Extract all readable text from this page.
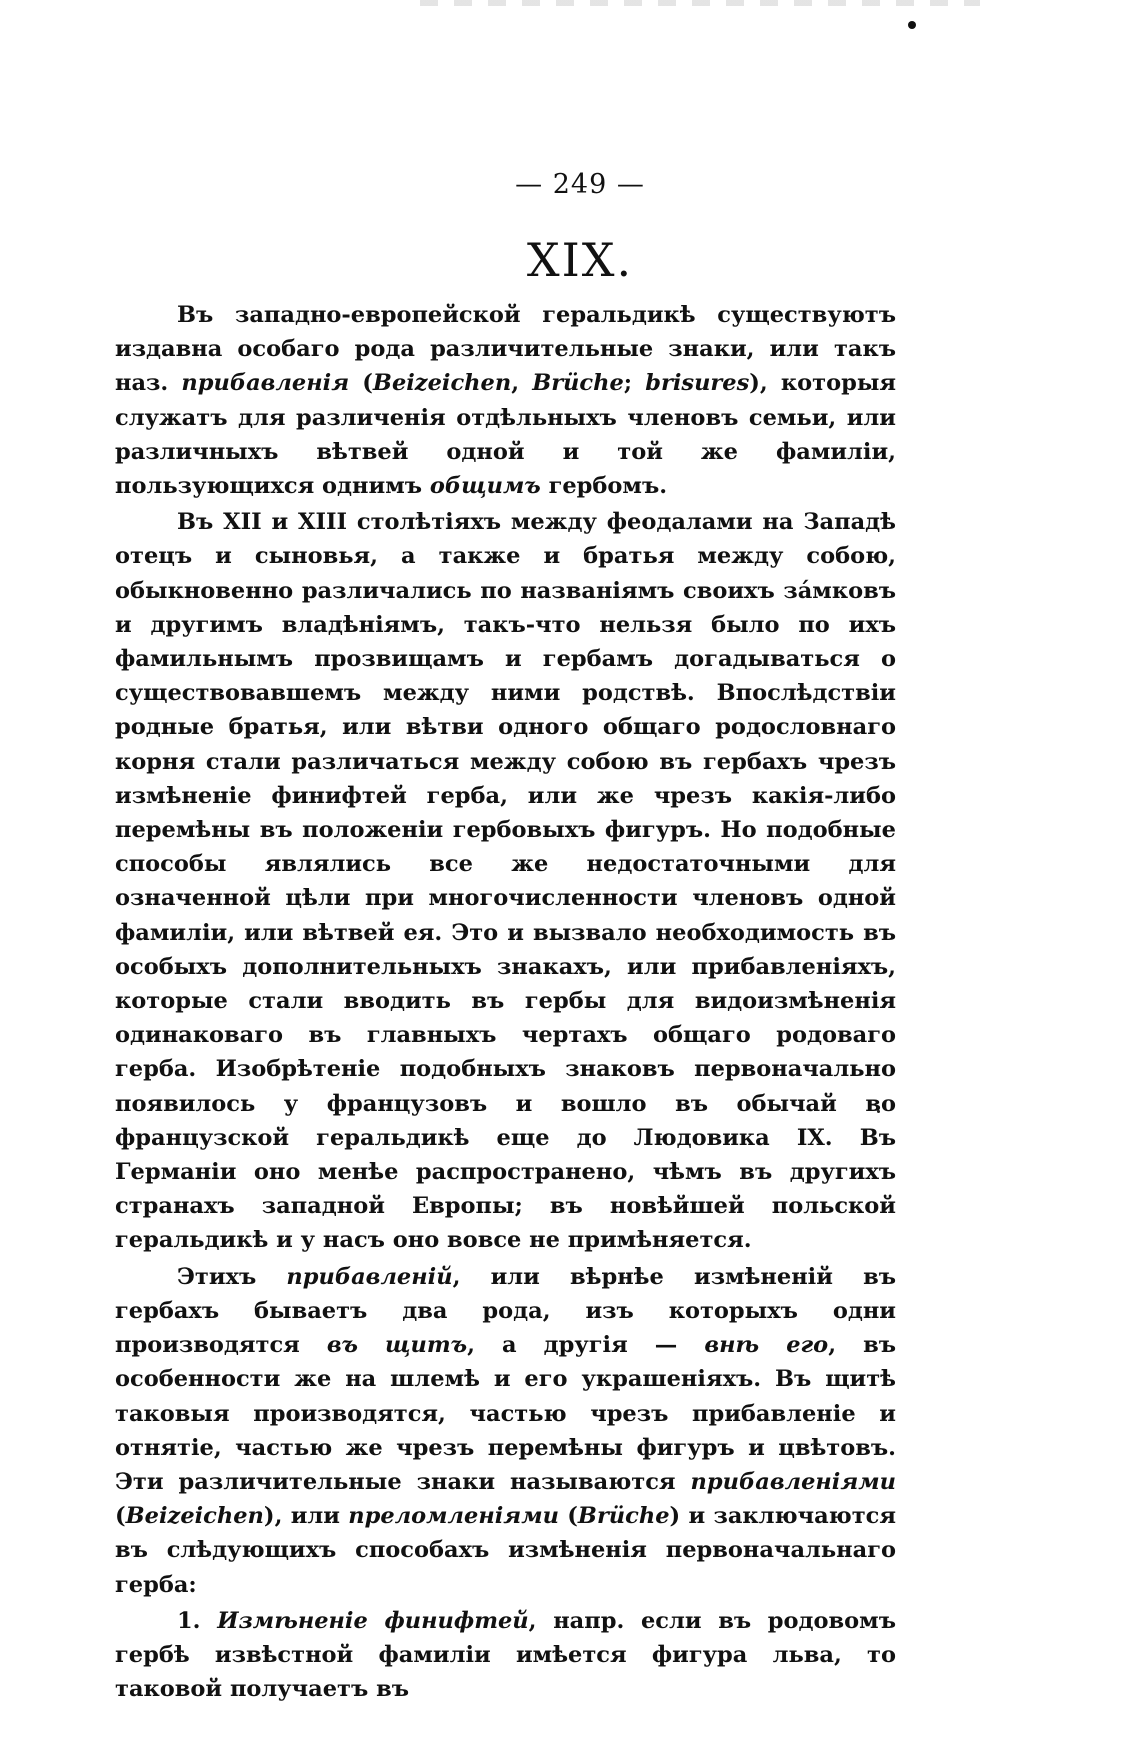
— 249 —
XIX.

Въ западно-европейской геральдикѣ существуютъ издавна особаго рода различительные знаки, или такъ наз. прибавленія (Beizeichen, Brüche; brisures), которыя служатъ для различенія отдѣльныхъ членовъ семьи, или различныхъ вѣтвей одной и той же фамиліи, пользующихся однимъ общимъ гербомъ.

Въ XII и XIII столѣтіяхъ между феодалами на Западѣ отецъ и сыновья, а также и братья между собою, обыкновенно различались по названіямъ своихъ за́мковъ и другимъ владѣніямъ, такъ-что нельзя было по ихъ фамильнымъ прозвищамъ и гербамъ догадываться о существовавшемъ между ними родствѣ. Впослѣдствіи родные братья, или вѣтви одного общаго родословнаго корня стали различаться между собою въ гербахъ чрезъ измѣненіе финифтей герба, или же чрезъ какія-либо перемѣны въ положеніи гербовыхъ фигуръ. Но подобные способы являлись все же недостаточными для означенной цѣли при многочисленности членовъ одной фамиліи, или вѣтвей ея. Это и вызвало необходимость въ особыхъ дополнительныхъ знакахъ, или прибавленіяхъ, которые стали вводить въ гербы для видоизмѣненія одинаковаго въ главныхъ чертахъ общаго родоваго герба. Изобрѣтеніе подобныхъ знаковъ первоначально появилось у французовъ и вошло въ обычай во французской геральдикѣ еще до Людовика IX. Въ Германіи оно менѣе распространено, чѣмъ въ другихъ странахъ западной Европы; въ новѣйшей польской геральдикѣ и у насъ оно вовсе не примѣняется.

Этихъ прибавленій, или вѣрнѣе измѣненій въ гербахъ бываетъ два рода, изъ которыхъ одни производятся въ щитъ, а другія — внѣ его, въ особенности же на шлемѣ и его украшеніяхъ. Въ щитѣ таковыя производятся, частью чрезъ прибавленіе и отнятіе, частью же чрезъ перемѣны фигуръ и цвѣтовъ. Эти различительные знаки называются прибавленіями (Beizeichen), или преломленіями (Brüche) и заключаются въ слѣдующихъ способахъ измѣненія первоначальнаго герба:

1. Измѣненіе финифтей, напр. если въ родовомъ гербѣ извѣстной фамиліи имѣется фигура льва, то таковой получаетъ въ
